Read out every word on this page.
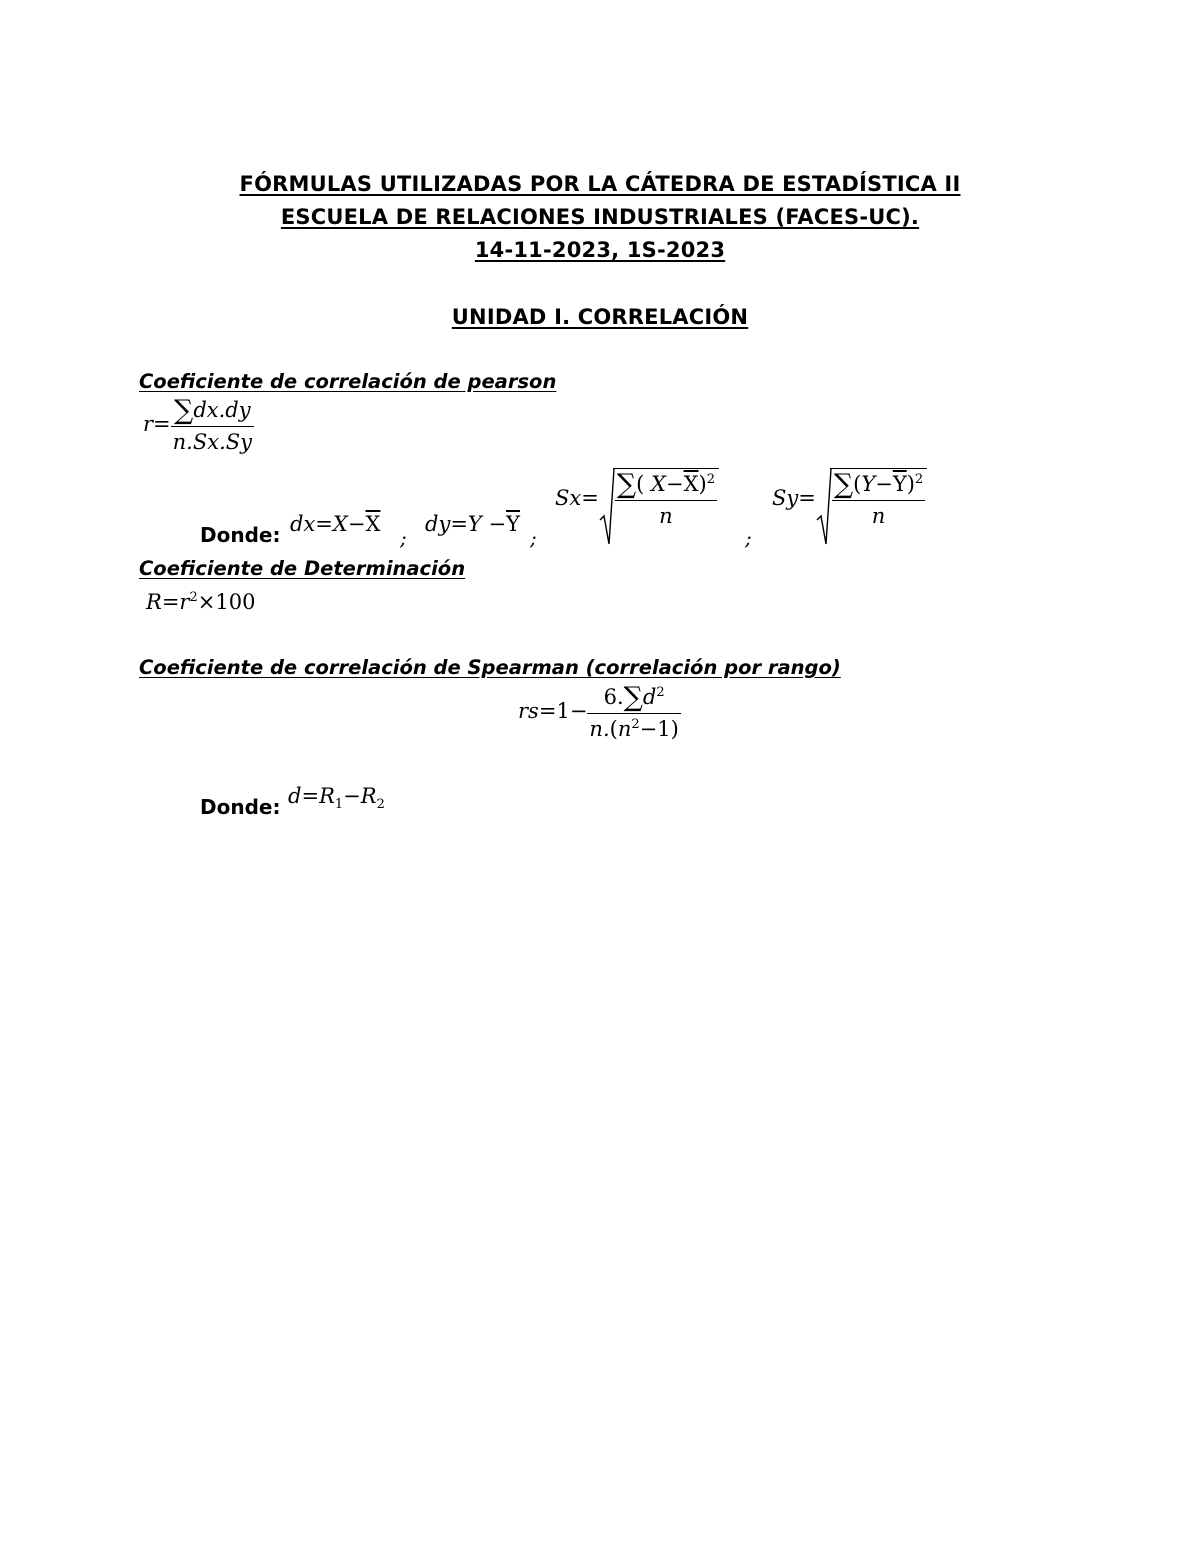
FÓRMULAS UTILIZADAS POR LA CÁTEDRA DE ESTADÍSTICA II
ESCUELA DE RELACIONES INDUSTRIALES (FACES-UC).
14-11-2023, 1S-2023
UNIDAD I. CORRELACIÓN
Coeficiente de correlación de pearson
$r= \frac{\sum dx.dy}{n.Sx.Sy}$
Donde: $dx=X-\overline{X}$
;
$dy=Y -\overline{Y}$
;
$Sx= \frac{\sum( X-\overline{X})^2}{n}$
;
$Sy= \frac{\sum(Y-\overline{Y})^2}{n}$
Coeficiente de Determinación
$R=r^2\times 100$
Coeficiente de correlación de Spearman (correlación por rango)
$rs=1- \frac{6.\sum d^2}{n.(n^2-1)}$
Donde: $d=R_1-R_2$
